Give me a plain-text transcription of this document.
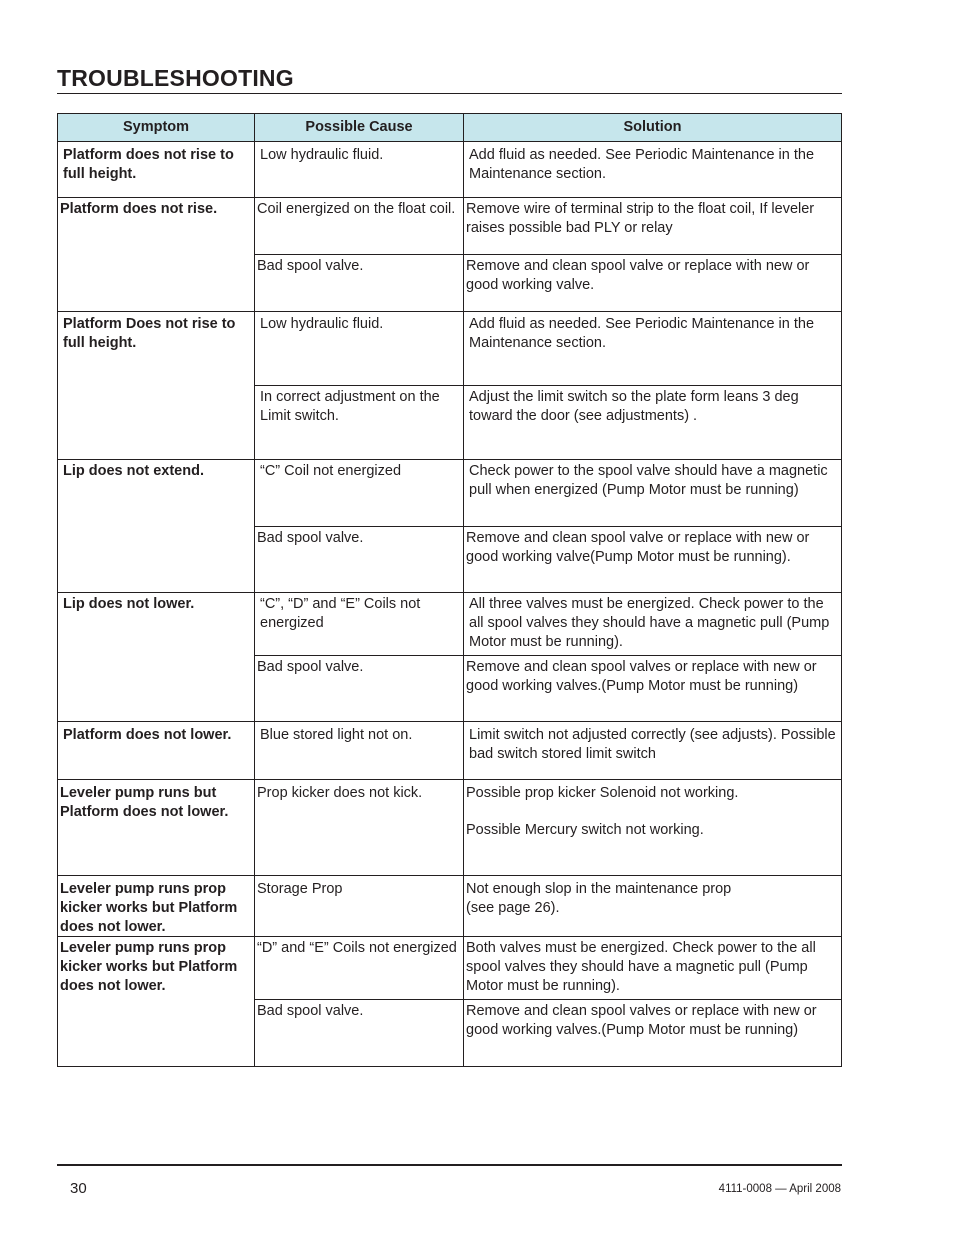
TROUBLESHOOTING
Symptom	Possible Cause	Solution
Platform does not rise to full height.	Low hydraulic fluid.	Add fluid as needed. See Periodic Maintenance in the Maintenance section.
Platform does not rise.	Coil energized on the float coil.	Remove wire of terminal strip to the float coil, If leveler raises possible bad PLY or relay
	Bad spool valve.	Remove and clean spool valve or replace with new or good working valve.
Platform Does not rise to full height.	Low hydraulic fluid.	Add fluid as needed. See Periodic Maintenance in the Maintenance section.
	In correct adjustment on the Limit switch.	Adjust the limit switch so the plate form leans 3 deg toward the door (see adjustments) .
Lip does not extend.	“C” Coil not energized	Check power to the spool valve should have a magnetic pull when energized (Pump Motor must be running)
	Bad spool valve.	Remove and clean spool valve or replace with new or good working valve(Pump Motor must be running).
Lip does not lower.	“C”, “D” and “E” Coils not energized	All three valves must be energized. Check power to the all spool valves they should have a magnetic pull (Pump Motor must be running).
	Bad spool valve.	Remove and clean spool valves or replace with new or good working valves.(Pump Motor must be running)
Platform does not lower.	Blue stored light not on.	Limit switch not adjusted correctly (see adjusts). Possible bad switch stored limit switch
Leveler pump runs but Platform does not lower.	Prop kicker does not kick.	Possible prop kicker Solenoid not working.
Possible Mercury switch not working.

Leveler pump runs prop kicker works but Platform does not lower.	Storage Prop	Not enough slop in the maintenance prop
(see page 26).

Leveler pump runs prop kicker works but Platform does not lower.	“D” and “E” Coils not energized	Both valves must be energized. Check power to the all spool valves they should have a magnetic pull (Pump Motor must be running).
	Bad spool valve.	Remove and clean spool valves or replace with new or good working valves.(Pump Motor must be running)
30	4111-0008 — April 2008
